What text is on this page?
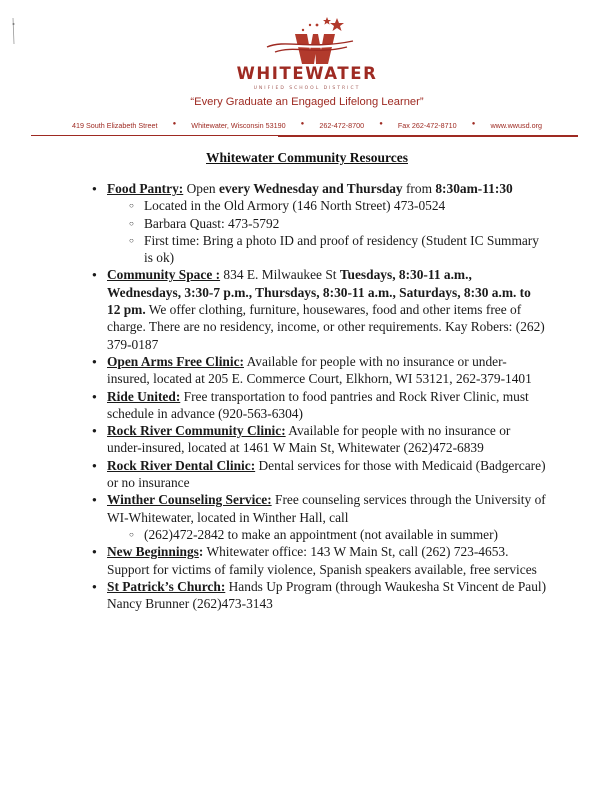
WHITEWATER
UNIFIED SCHOOL DISTRICT
“Every Graduate an Engaged Lifelong Learner”
419 South Elizabeth Street	● Whitewater, Wisconsin 53190	● 262-472-8700	● Fax 262-472-8710	● www.wwusd.org
Whitewater Community Resources
● Food Pantry: Open every Wednesday and Thursday from 8:30am-11:30
○ Located in the Old Armory (146 North Street) 473-0524
○ Barbara Quast: 473-5792
○ First time: Bring a photo ID and proof of residency (Student IC Summary is ok)
● Community Space : 834 E. Milwaukee St Tuesdays, 8:30-11 a.m., Wednesdays, 3:30-7 p.m., Thursdays, 8:30-11 a.m., Saturdays, 8:30 a.m. to 12 pm. We offer clothing, furniture, housewares, food and other items free of charge. There are no residency, income, or other requirements. Kay Robers: (262) 379-0187
● Open Arms Free Clinic: Available for people with no insurance or under-insured, located at 205 E. Commerce Court, Elkhorn, WI 53121, 262-379-1401
● Ride United: Free transportation to food pantries and Rock River Clinic, must schedule in advance (920-563-6304)
● Rock River Community Clinic: Available for people with no insurance or under-insured, located at 1461 W Main St, Whitewater (262)472-6839
● Rock River Dental Clinic: Dental services for those with Medicaid (Badgercare) or no insurance
● Winther Counseling Service: Free counseling services through the University of WI-Whitewater, located in Winther Hall, call
○ (262)472-2842 to make an appointment (not available in summer)
● New Beginnings: Whitewater office: 143 W Main St, call (262) 723-4653. Support for victims of family violence, Spanish speakers available, free services
● St Patrick’s Church: Hands Up Program (through Waukesha St Vincent de Paul) Nancy Brunner (262)473-3143
